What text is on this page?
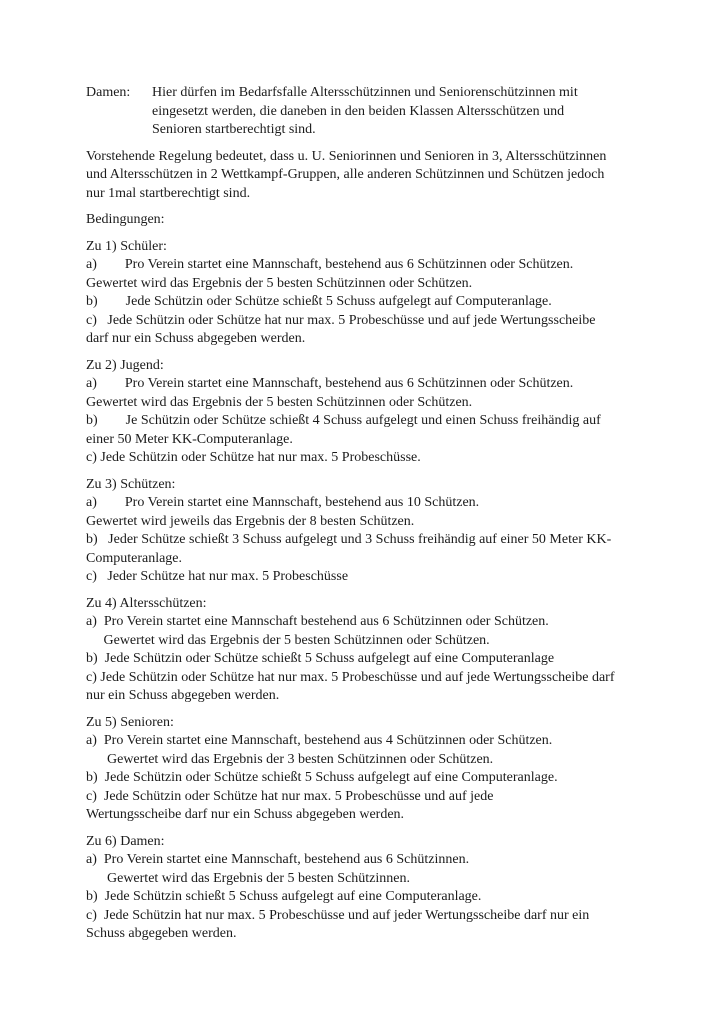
Damen:	Hier dürfen im Bedarfsfalle Altersschützinnen und Seniorenschützinnen mit
eingesetzt werden, die daneben in den beiden Klassen Altersschützen und
Senioren startberechtigt sind.
Vorstehende Regelung bedeutet, dass u. U. Seniorinnen und Senioren in 3, Altersschützinnen
und Altersschützen in 2 Wettkampf-Gruppen, alle anderen Schützinnen und Schützen jedoch
nur 1mal startberechtigt sind.
Bedingungen:
Zu 1) Schüler:
a)        Pro Verein startet eine Mannschaft, bestehend aus 6 Schützinnen oder Schützen.
Gewertet wird das Ergebnis der 5 besten Schützinnen oder Schützen.
b)        Jede Schützin oder Schütze schießt 5 Schuss aufgelegt auf Computeranlage.
c)   Jede Schützin oder Schütze hat nur max. 5 Probeschüsse und auf jede Wertungsscheibe
darf nur ein Schuss abgegeben werden.
Zu 2) Jugend:
a)        Pro Verein startet eine Mannschaft, bestehend aus 6 Schützinnen oder Schützen.
Gewertet wird das Ergebnis der 5 besten Schützinnen oder Schützen.
b)        Je Schützin oder Schütze schießt 4 Schuss aufgelegt und einen Schuss freihändig auf
einer 50 Meter KK-Computeranlage.
c) Jede Schützin oder Schütze hat nur max. 5 Probeschüsse.
Zu 3) Schützen:
a)        Pro Verein startet eine Mannschaft, bestehend aus 10 Schützen.
Gewertet wird jeweils das Ergebnis der 8 besten Schützen.
b)   Jeder Schütze schießt 3 Schuss aufgelegt und 3 Schuss freihändig auf einer 50 Meter KK-
Computeranlage.
c)   Jeder Schütze hat nur max. 5 Probeschüsse
Zu 4) Altersschützen:
a)  Pro Verein startet eine Mannschaft bestehend aus 6 Schützinnen oder Schützen.
Gewertet wird das Ergebnis der 5 besten Schützinnen oder Schützen.
b)  Jede Schützin oder Schütze schießt 5 Schuss aufgelegt auf eine Computeranlage
c) Jede Schützin oder Schütze hat nur max. 5 Probeschüsse und auf jede Wertungsscheibe darf
nur ein Schuss abgegeben werden.
Zu 5) Senioren:
a)  Pro Verein startet eine Mannschaft, bestehend aus 4 Schützinnen oder Schützen.
Gewertet wird das Ergebnis der 3 besten Schützinnen oder Schützen.
b)  Jede Schützin oder Schütze schießt 5 Schuss aufgelegt auf eine Computeranlage.
c)  Jede Schützin oder Schütze hat nur max. 5 Probeschüsse und auf jede
Wertungsscheibe darf nur ein Schuss abgegeben werden.
Zu 6) Damen:
a)  Pro Verein startet eine Mannschaft, bestehend aus 6 Schützinnen.
Gewertet wird das Ergebnis der 5 besten Schützinnen.
b)  Jede Schützin schießt 5 Schuss aufgelegt auf eine Computeranlage.
c)  Jede Schützin hat nur max. 5 Probeschüsse und auf jeder Wertungsscheibe darf nur ein
Schuss abgegeben werden.
